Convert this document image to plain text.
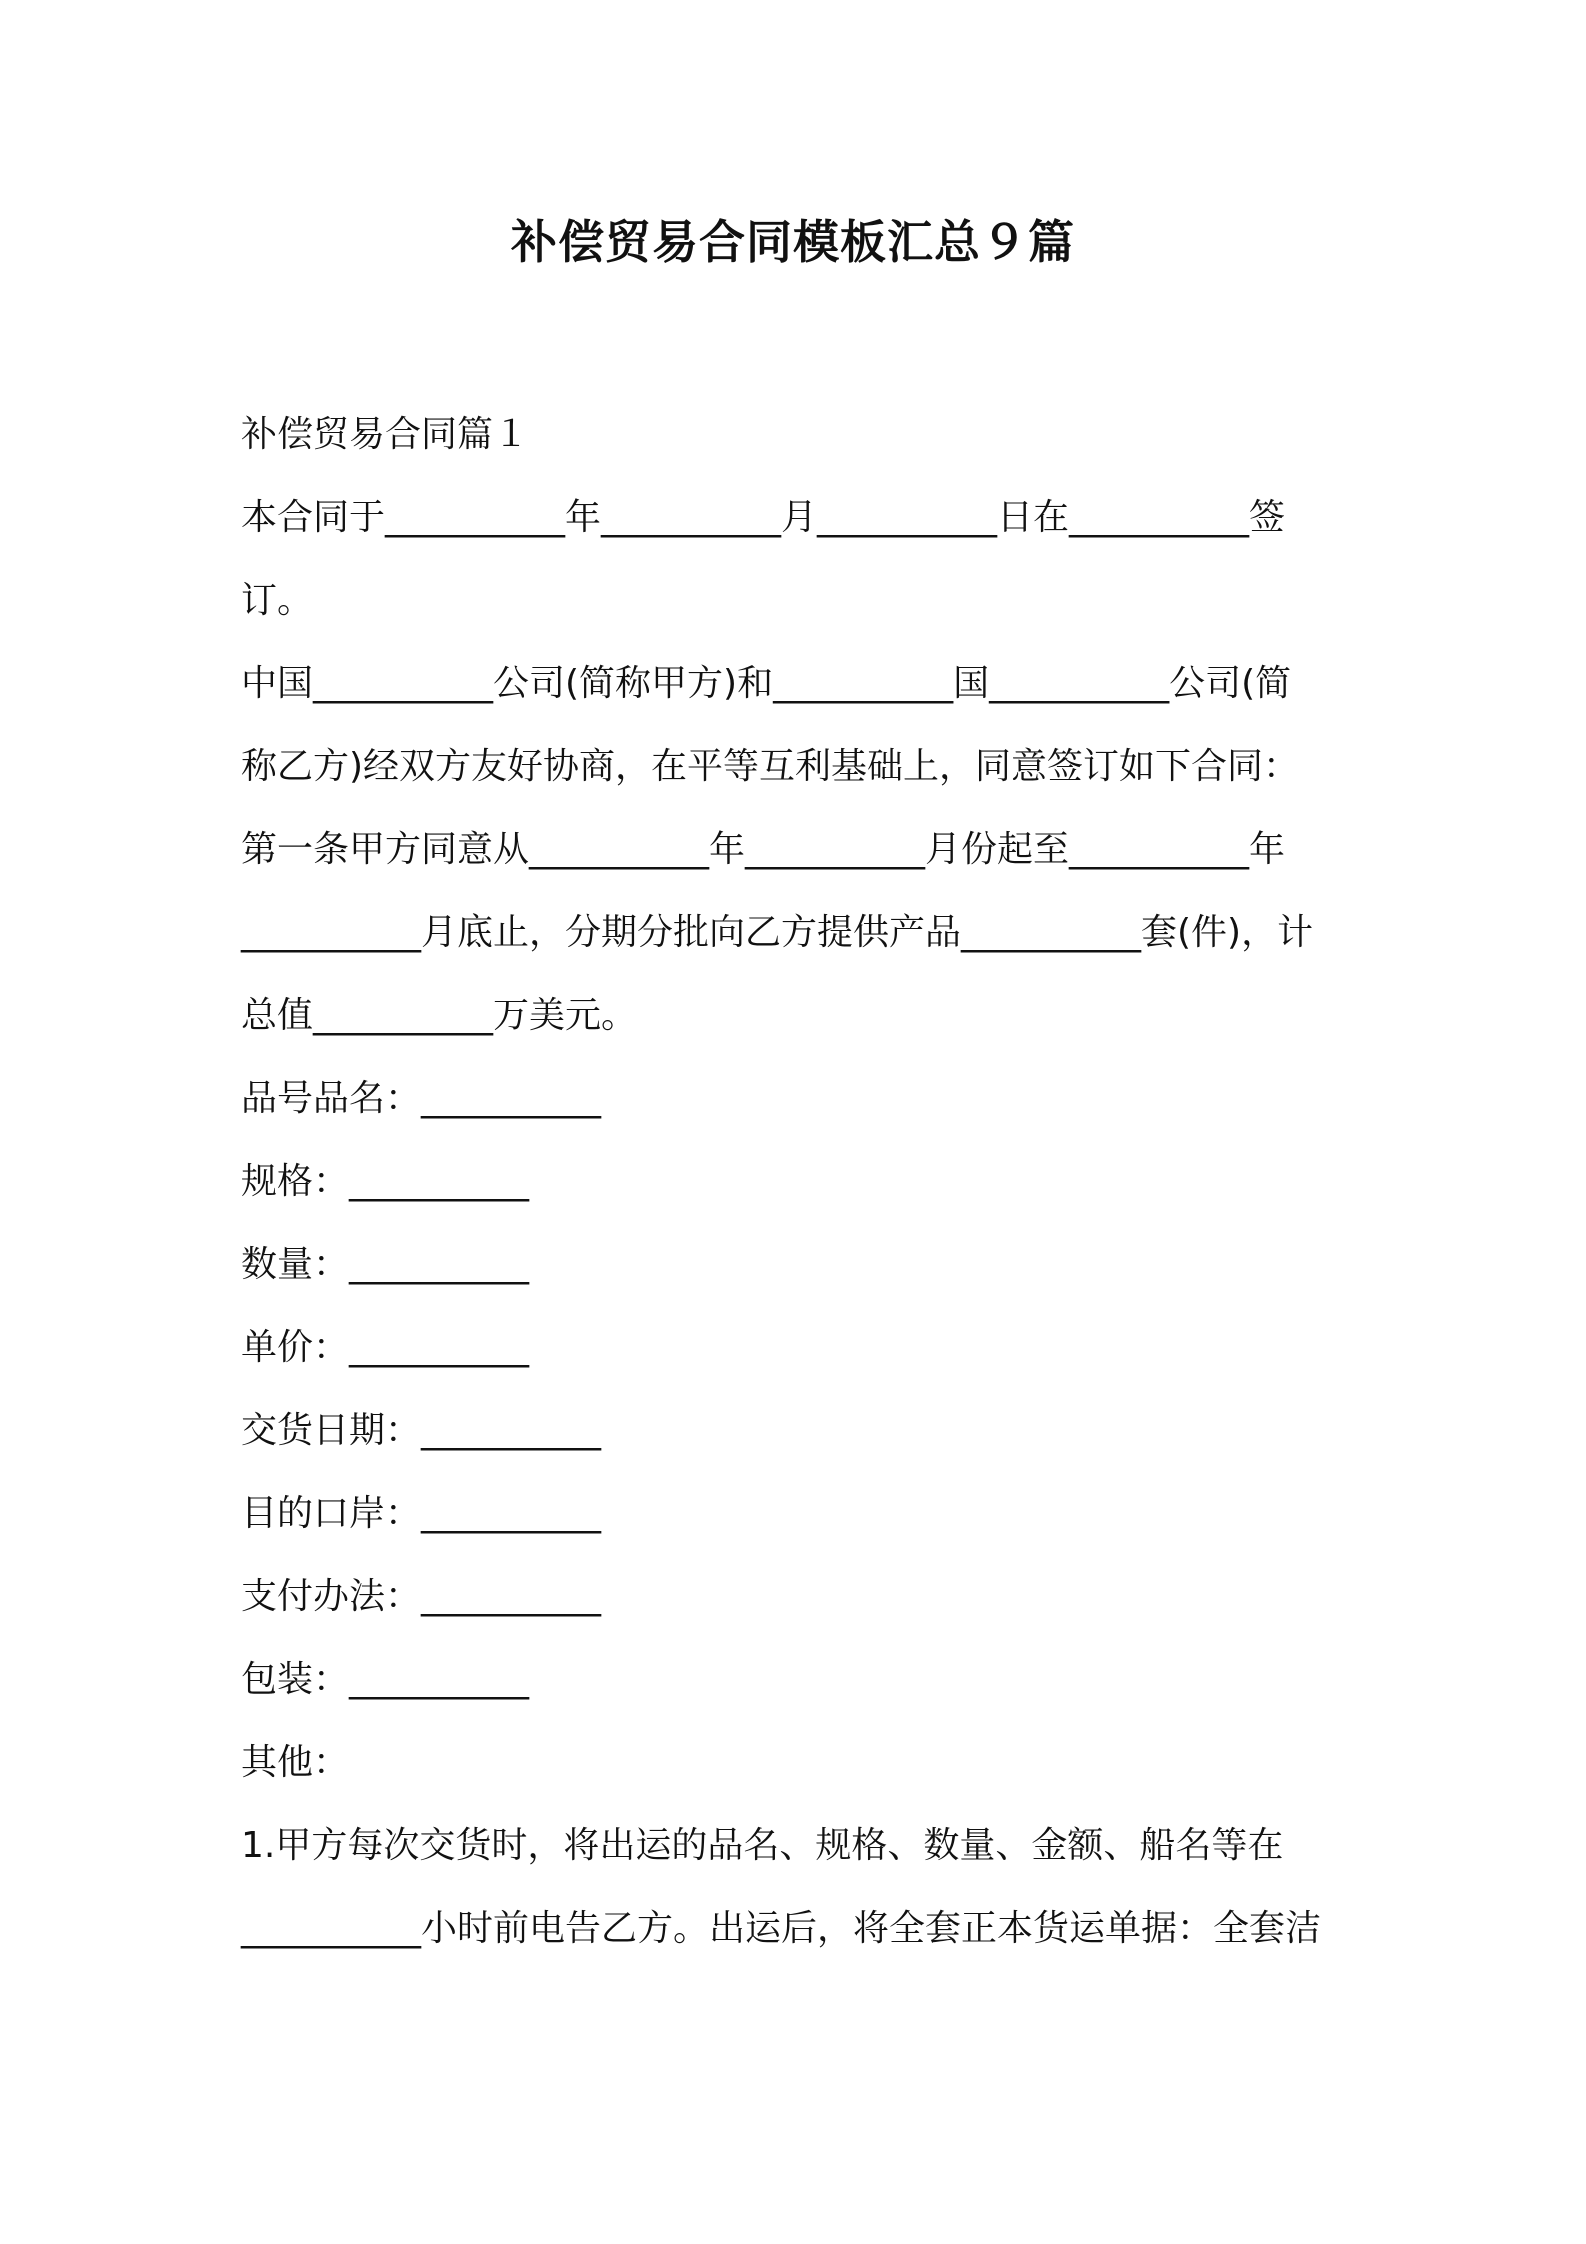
补偿贸易合同模板汇总９篇
补偿贸易合同篇１
本合同于__________年__________月__________日在__________签
订。
中国__________公司(简称甲方)和__________国__________公司(简
称乙方)经双方友好协商，在平等互利基础上，同意签订如下合同：
第一条甲方同意从__________年__________月份起至__________年
__________月底止，分期分批向乙方提供产品__________套(件)，计
总值__________万美元。
品号品名：__________
规格：__________
数量：__________
单价：__________
交货日期：__________
目的口岸：__________
支付办法：__________
包装：__________
其他：
1.甲方每次交货时，将出运的品名、规格、数量、金额、船名等在
__________小时前电告乙方。出运后，将全套正本货运单据：全套洁
